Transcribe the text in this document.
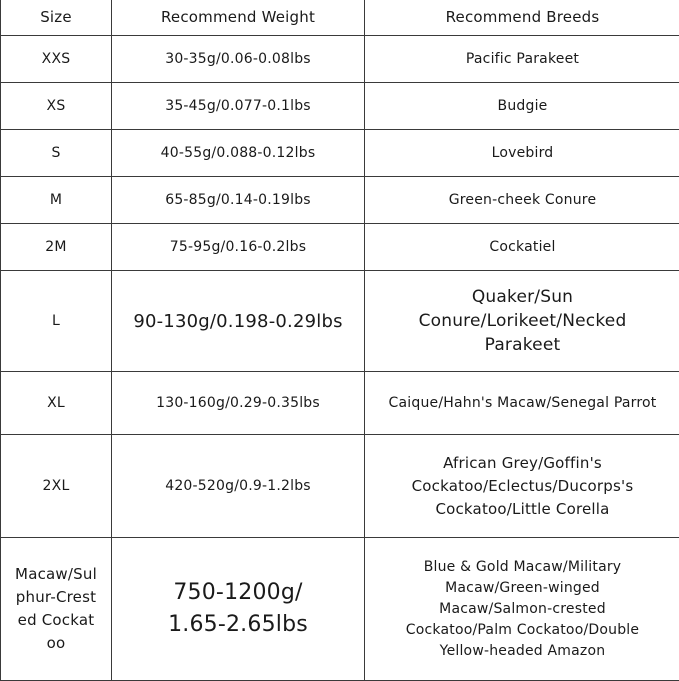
Size	Recommend Weight	Recommend Breeds
XXS	30-35g/0.06-0.08lbs	Pacific Parakeet
XS	35-45g/0.077-0.1lbs	Budgie
S	40-55g/0.088-0.12lbs	Lovebird
M	65-85g/0.14-0.19lbs	Green-cheek Conure
2M	75-95g/0.16-0.2lbs	Cockatiel
L	90-130g/0.198-0.29lbs	Quaker/Sun Conure/Lorikeet/Necked Parakeet
XL	130-160g/0.29-0.35lbs	Caique/Hahn's Macaw/Senegal Parrot
2XL	420-520g/0.9-1.2lbs	African Grey/Goffin's Cockatoo/Eclectus/Ducorps's Cockatoo/Little Corella
Macaw/Sulphur-Crested Cockatoo	750-1200g/ 1.65-2.65lbs	Blue & Gold Macaw/Military Macaw/Green-winged Macaw/Salmon-crested Cockatoo/Palm Cockatoo/Double Yellow-headed Amazon
